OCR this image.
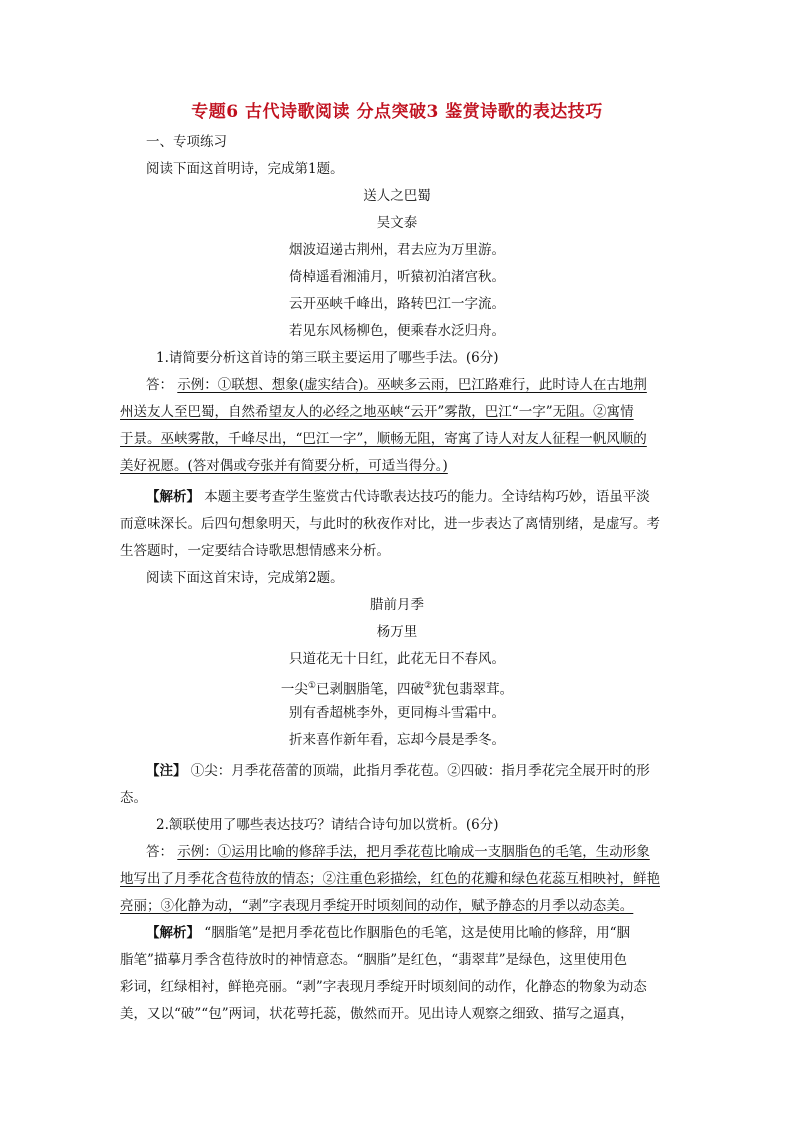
专题6 古代诗歌阅读 分点突破3 鉴赏诗歌的表达技巧
一、专项练习
阅读下面这首明诗，完成第1题。
送人之巴蜀
吴文泰
烟波迢递古荆州，君去应为万里游。
倚棹遥看湘浦月，听猿初泊渚宫秋。
云开巫峡千峰出，路转巴江一字流。
若见东风杨柳色，便乘春水泛归舟。
1.请简要分析这首诗的第三联主要运用了哪些手法。(6分)
答： 示例：①联想、想象(虚实结合)。巫峡多云雨，巴江路难行，此时诗人在古地荆
州送友人至巴蜀，自然希望友人的必经之地巫峡“云开”雾散，巴江“一字”无阻。②寓情
于景。巫峡雾散，千峰尽出，“巴江一字”，顺畅无阻，寄寓了诗人对友人征程一帆风顺的
美好祝愿。(答对偶或夸张并有简要分析，可适当得分。)
【解析】 本题主要考查学生鉴赏古代诗歌表达技巧的能力。全诗结构巧妙，语虽平淡
而意味深长。后四句想象明天，与此时的秋夜作对比，进一步表达了离情别绪，是虚写。考
生答题时，一定要结合诗歌思想情感来分析。
阅读下面这首宋诗，完成第2题。
腊前月季
杨万里
只道花无十日红，此花无日不春风。
一尖①已剥胭脂笔，四破②犹包翡翠茸。
别有香超桃李外，更同梅斗雪霜中。
折来喜作新年看，忘却今晨是季冬。
【注】 ①尖：月季花蓓蕾的顶端，此指月季花苞。②四破：指月季花完全展开时的形
态。
2.颔联使用了哪些表达技巧？请结合诗句加以赏析。(6分)
答： 示例：①运用比喻的修辞手法，把月季花苞比喻成一支胭脂色的毛笔，生动形象
地写出了月季花含苞待放的情态；②注重色彩描绘，红色的花瓣和绿色花蕊互相映衬，鲜艳
亮丽；③化静为动，“剥”字表现月季绽开时顷刻间的动作，赋予静态的月季以动态美。
【解析】 “胭脂笔”是把月季花苞比作胭脂色的毛笔，这是使用比喻的修辞，用“胭
脂笔”描摹月季含苞待放时的神情意态。“胭脂”是红色，“翡翠茸”是绿色，这里使用色
彩词，红绿相衬，鲜艳亮丽。“剥”字表现月季绽开时顷刻间的动作，化静态的物象为动态
美，又以“破”“包”两词，状花萼托蕊，傲然而开。见出诗人观察之细致、描写之逼真，
